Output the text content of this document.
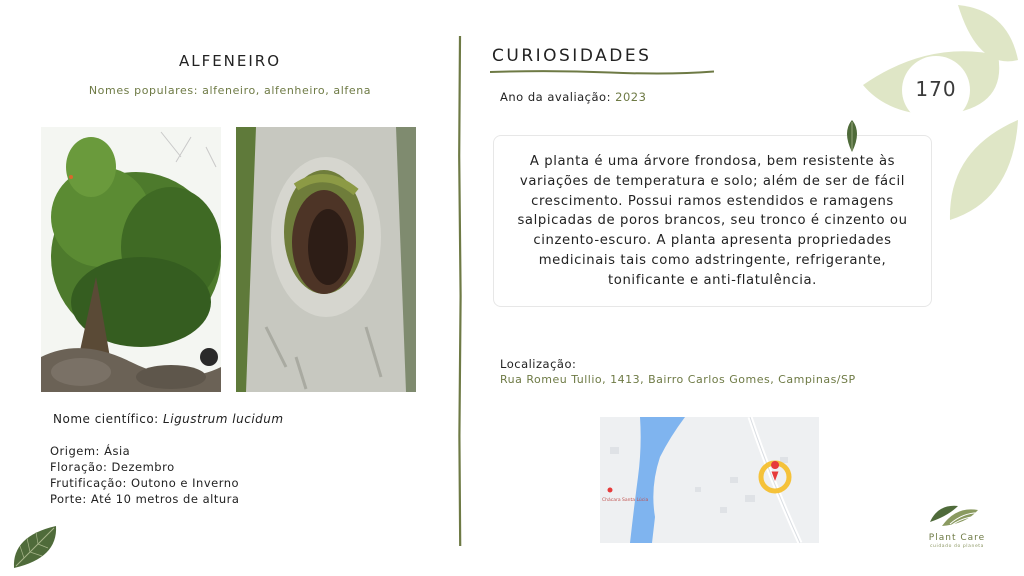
ALFENEIRO
Nomes populares: alfeneiro, alfenheiro, alfena
Nome científico: Ligustrum lucidum
Origem: Ásia
Floração: Dezembro
Frutificação: Outono e Inverno
Porte: Até 10 metros de altura
CURIOSIDADES
Ano da avaliação: 2023
A planta é uma árvore frondosa, bem resistente às variações de temperatura e solo; além de ser de fácil crescimento. Possui ramos estendidos e ramagens salpicadas de poros brancos, seu tronco é cinzento ou cinzento-escuro. A planta apresenta propriedades medicinais tais como adstringente, refrigerante, tonificante e anti-flatulência.
Localização:
Rua Romeu Tullio, 1413, Bairro Carlos Gomes, Campinas/SP
Chácara Santa Lúcia
170
Plant Care
cuidado do planeta
